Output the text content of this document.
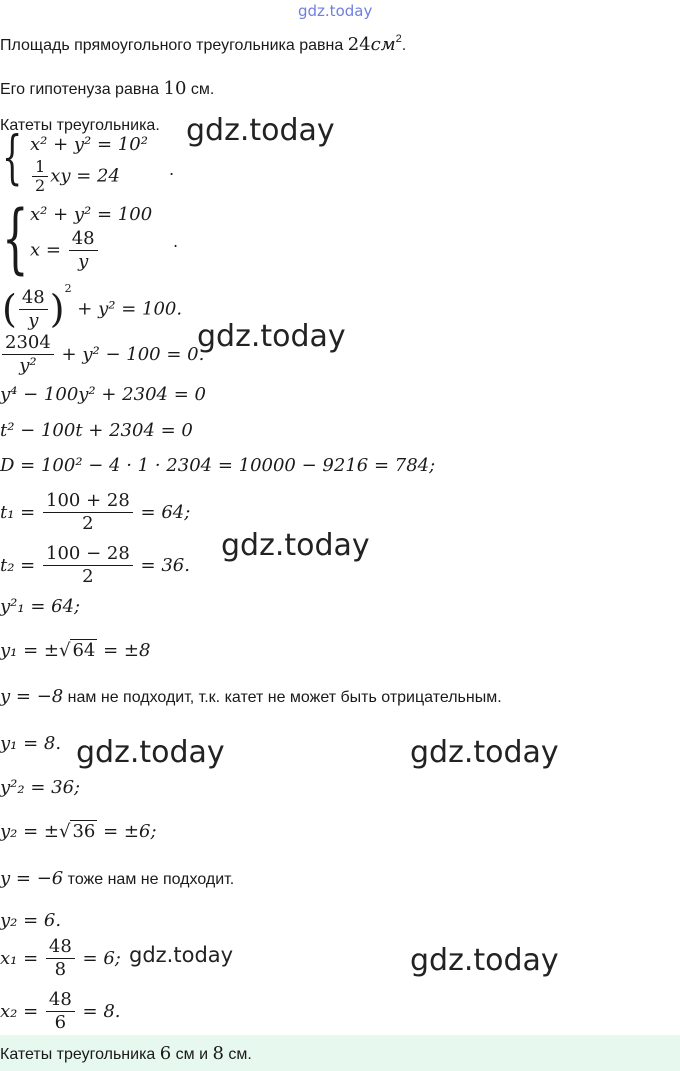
gdz.today
Площадь прямоугольного треугольника равна $24см^2$.
Его гипотенуза равна 10 см.
Катеты треугольника.
{ x² + y² = 10²
$\frac{1}{2}$ xy = 24	.
{ x² + y² = 100
$x = \frac{48}{y}$	.
( $\frac{48}{y} )^2 + y^2 = 100$.
$\frac{2304}{\text{y²}} + y^2 - 100 = 0$.
y⁴ − 100y² + 2304 = 0
t² − 100t + 2304 = 0
D = 100² − 4 · 1 · 2304 = 10000 − 9216 = 784;
$t_1 = \frac{100 + 28}{2} = 64$;
$t_2 = \frac{100 - 28}{2} = 36$.
y²₁ = 64;
y₁ = ±√ 64 = ±8
y = −8 нам не подходит, т.к. катет не может быть отрицательным.
y₁ = 8.
y²₂ = 36;
y₂ = ±√ 36 = ±6;
y = −6 тоже нам не подходит.
y₂ = 6.
$x_1 = \frac{48}{8} = 6$;
$x_2 = \frac{48}{6} = 8$.
Катеты треугольника 6 см и 8 см.
gdz.today
gdz.today
gdz.today
gdz.today	gdz.today
gdz.today	gdz.today
